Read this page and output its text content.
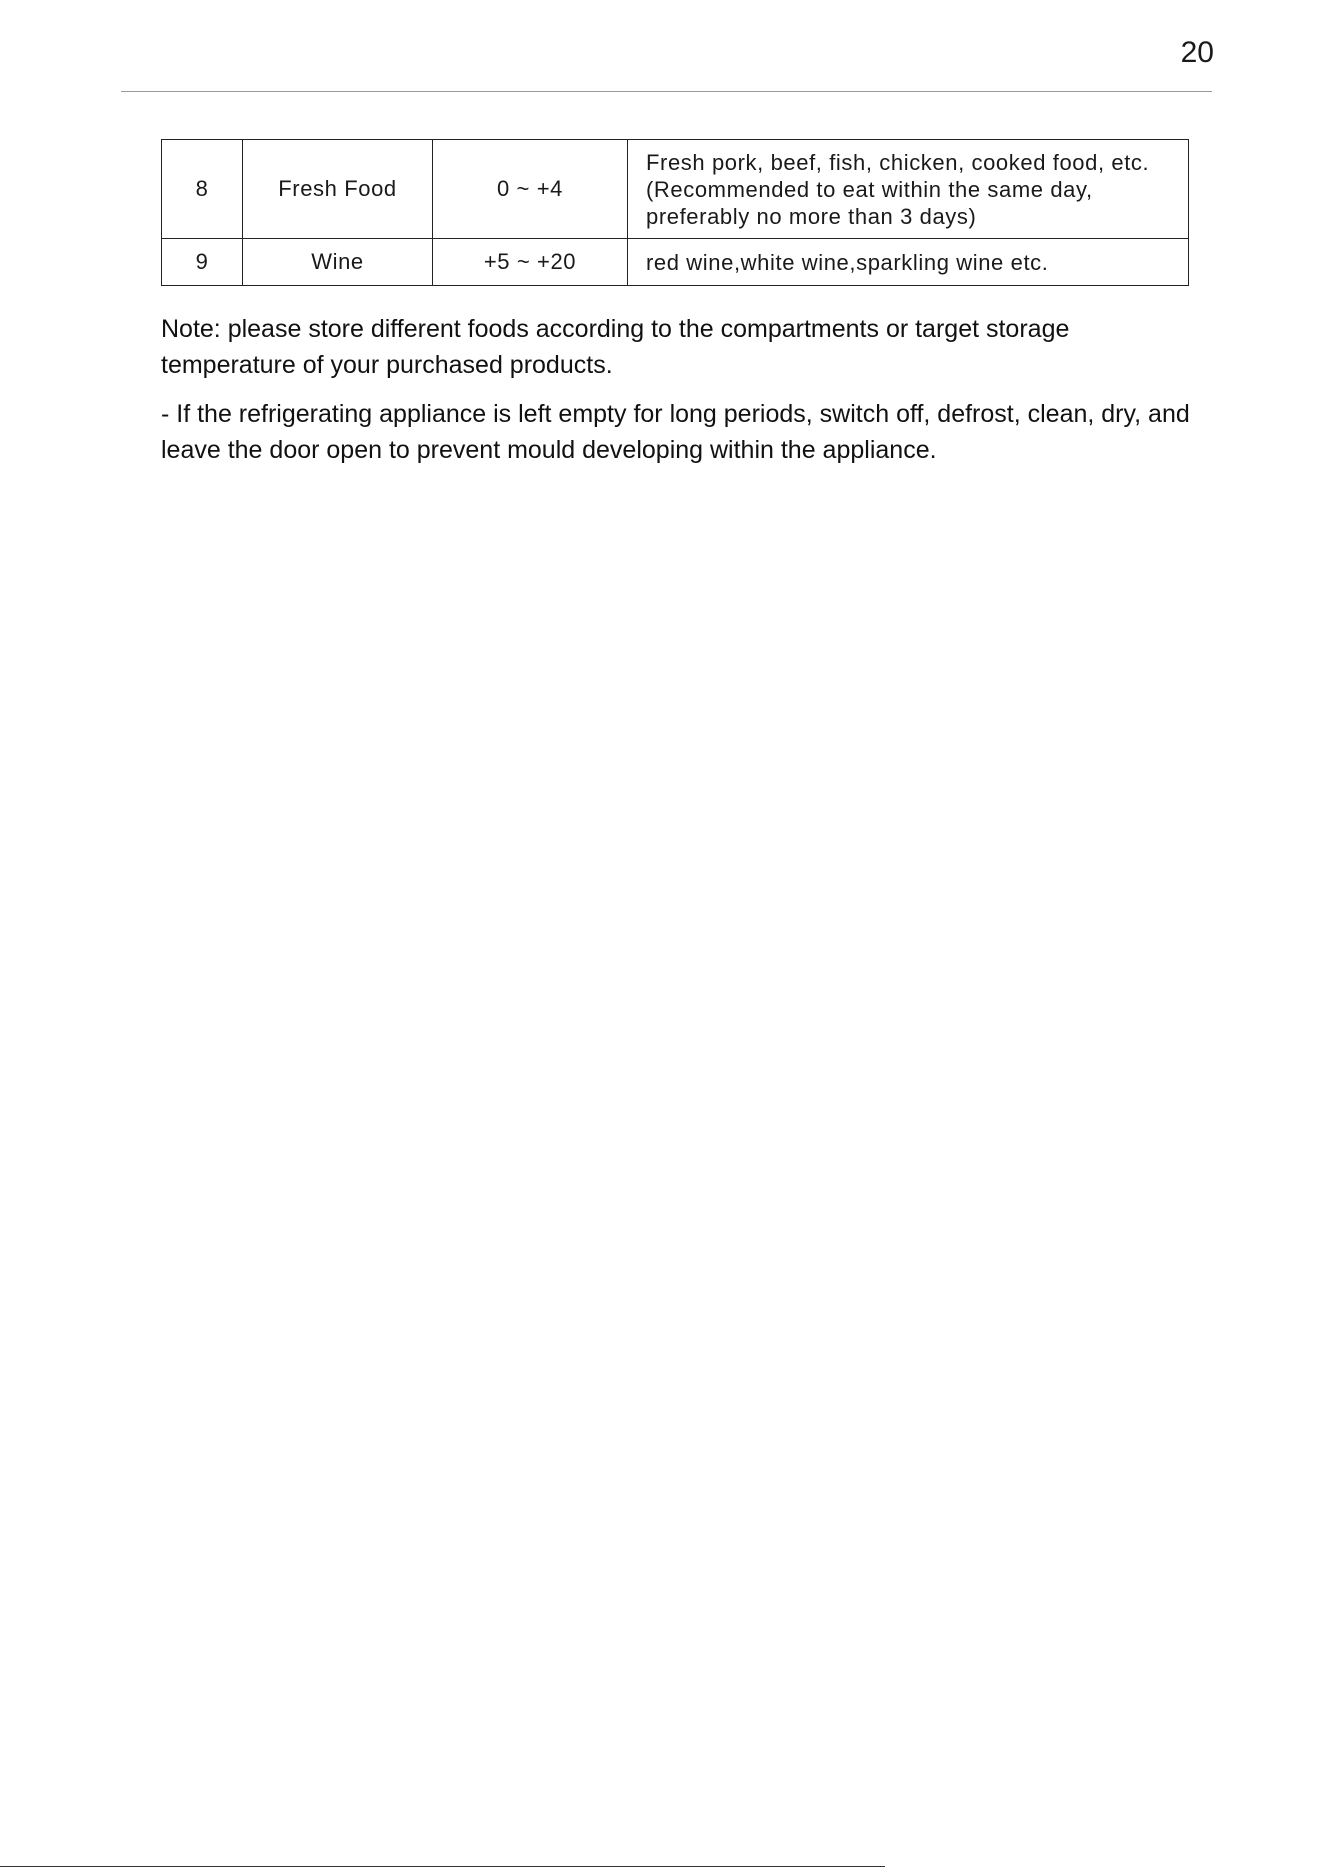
20
8	Fresh Food	0 ~ +4	Fresh pork, beef, fish, chicken, cooked food, etc.
(Recommended to eat within the same day,
preferably no more than 3 days)

9	Wine	+5 ~ +20	red wine,white wine,sparkling wine etc.

Note: please store different foods according to the compartments or target storage temperature of your purchased products.

- If the refrigerating appliance is left empty for long periods, switch off, defrost, clean, dry, and leave the door open to prevent mould developing within the appliance.
